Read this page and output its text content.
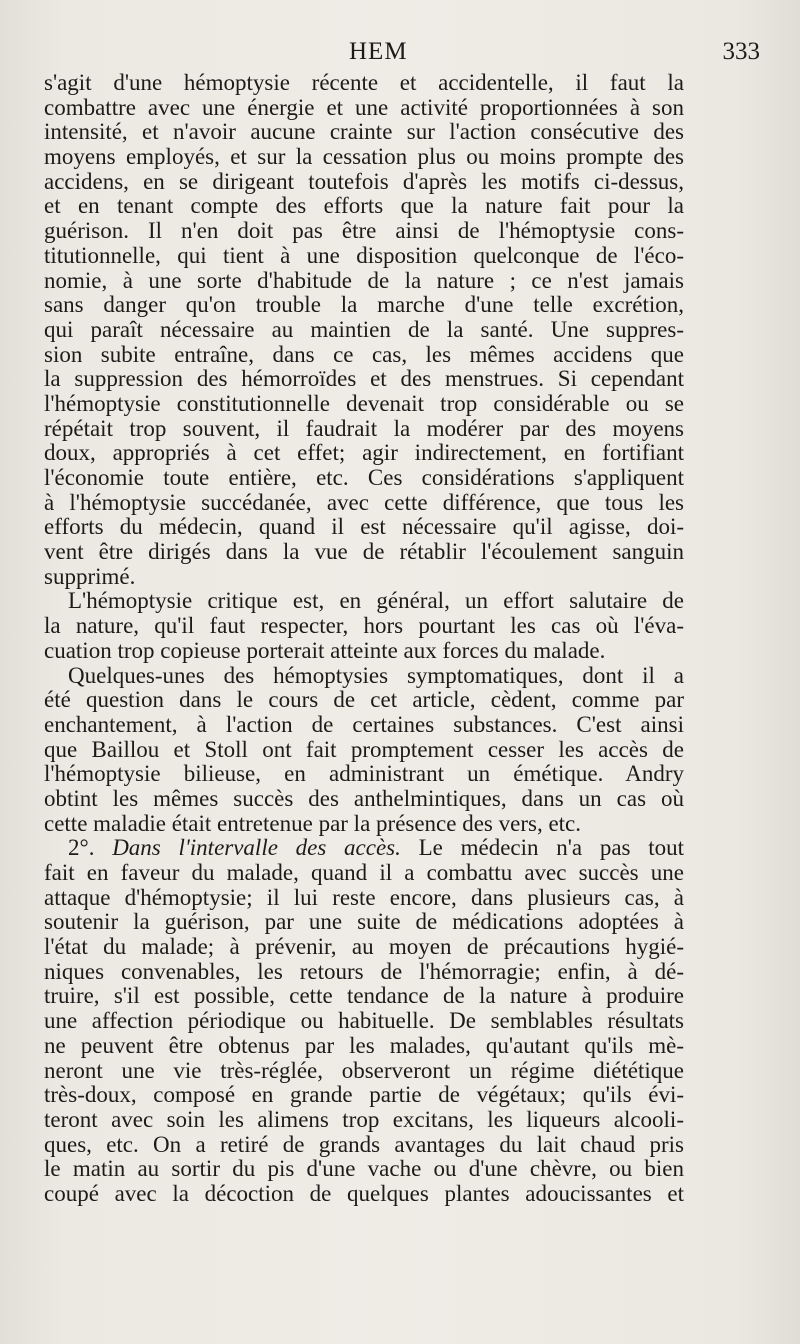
HEM	333
s'agit d'une hémoptysie récente et accidentelle, il faut la
combattre avec une énergie et une activité proportionnées à son
intensité, et n'avoir aucune crainte sur l'action consécutive des
moyens employés, et sur la cessation plus ou moins prompte des
accidens, en se dirigeant toutefois d'après les motifs ci-dessus,
et en tenant compte des efforts que la nature fait pour la
guérison. Il n'en doit pas être ainsi de l'hémoptysie cons-
titutionnelle, qui tient à une disposition quelconque de l'éco-
nomie, à une sorte d'habitude de la nature ; ce n'est jamais
sans danger qu'on trouble la marche d'une telle excrétion,
qui paraît nécessaire au maintien de la santé. Une suppres-
sion subite entraîne, dans ce cas, les mêmes accidens que
la suppression des hémorroïdes et des menstrues. Si cependant
l'hémoptysie constitutionnelle devenait trop considérable ou se
répétait trop souvent, il faudrait la modérer par des moyens
doux, appropriés à cet effet; agir indirectement, en fortifiant
l'économie toute entière, etc. Ces considérations s'appliquent
à l'hémoptysie succédanée, avec cette différence, que tous les
efforts du médecin, quand il est nécessaire qu'il agisse, doi-
vent être dirigés dans la vue de rétablir l'écoulement sanguin
supprimé.
L'hémoptysie critique est, en général, un effort salutaire de
la nature, qu'il faut respecter, hors pourtant les cas où l'éva-
cuation trop copieuse porterait atteinte aux forces du malade.
Quelques-unes des hémoptysies symptomatiques, dont il a
été question dans le cours de cet article, cèdent, comme par
enchantement, à l'action de certaines substances. C'est ainsi
que Baillou et Stoll ont fait promptement cesser les accès de
l'hémoptysie bilieuse, en administrant un émétique. Andry
obtint les mêmes succès des anthelmintiques, dans un cas où
cette maladie était entretenue par la présence des vers, etc.
2°. Dans l'intervalle des accès. Le médecin n'a pas tout
fait en faveur du malade, quand il a combattu avec succès une
attaque d'hémoptysie; il lui reste encore, dans plusieurs cas, à
soutenir la guérison, par une suite de médications adoptées à
l'état du malade; à prévenir, au moyen de précautions hygié-
niques convenables, les retours de l'hémorragie; enfin, à dé-
truire, s'il est possible, cette tendance de la nature à produire
une affection périodique ou habituelle. De semblables résultats
ne peuvent être obtenus par les malades, qu'autant qu'ils mè-
neront une vie très-réglée, observeront un régime diététique
très-doux, composé en grande partie de végétaux; qu'ils évi-
teront avec soin les alimens trop excitans, les liqueurs alcooli-
ques, etc. On a retiré de grands avantages du lait chaud pris
le matin au sortir du pis d'une vache ou d'une chèvre, ou bien
coupé avec la décoction de quelques plantes adoucissantes et
